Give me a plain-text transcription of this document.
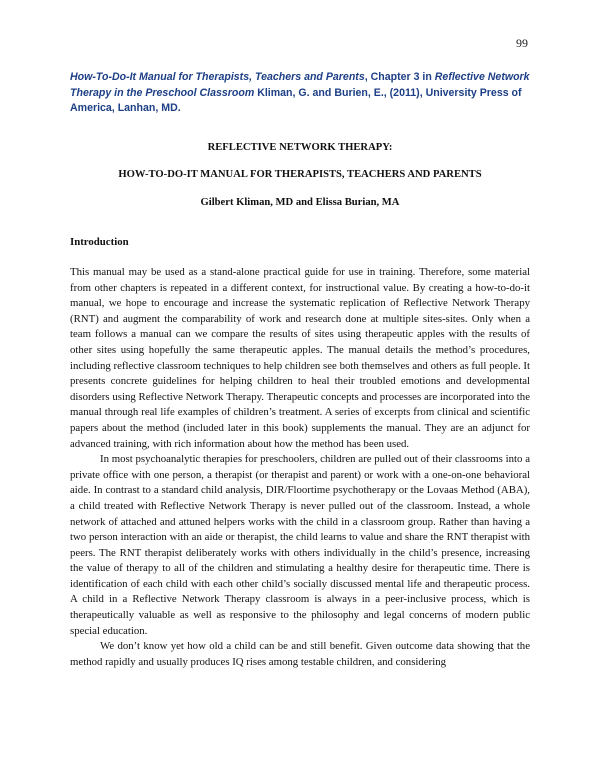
99
How-To-Do-It Manual for Therapists, Teachers and Parents, Chapter 3 in Reflective Network Therapy in the Preschool Classroom Kliman, G. and Burien, E., (2011), University Press of America, Lanhan, MD.
REFLECTIVE NETWORK THERAPY:
HOW-TO-DO-IT MANUAL FOR THERAPISTS, TEACHERS AND PARENTS
Gilbert Kliman, MD and Elissa Burian, MA
Introduction

This manual may be used as a stand-alone practical guide for use in training. Therefore, some material from other chapters is repeated in a different context, for instructional value. By creating a how-to-do-it manual, we hope to encourage and increase the systematic replication of Reflective Network Therapy (RNT) and augment the comparability of work and research done at multiple sites-sites. Only when a team follows a manual can we compare the results of sites using therapeutic apples with the results of other sites using hopefully the same therapeutic apples. The manual details the method’s procedures, including reflective classroom techniques to help children see both themselves and others as full people. It presents concrete guidelines for helping children to heal their troubled emotions and developmental disorders using Reflective Network Therapy. Therapeutic concepts and processes are incorporated into the manual through real life examples of children’s treatment. A series of excerpts from clinical and scientific papers about the method (included later in this book) supplements the manual. They are an adjunct for advanced training, with rich information about how the method has been used.

In most psychoanalytic therapies for preschoolers, children are pulled out of their classrooms into a private office with one person, a therapist (or therapist and parent) or work with a one-on-one behavioral aide. In contrast to a standard child analysis, DIR/Floortime psychotherapy or the Lovaas Method (ABA), a child treated with Reflective Network Therapy is never pulled out of the classroom. Instead, a whole network of attached and attuned helpers works with the child in a classroom group. Rather than having a two person interaction with an aide or therapist, the child learns to value and share the RNT therapist with peers. The RNT therapist deliberately works with others individually in the child’s presence, increasing the value of therapy to all of the children and stimulating a healthy desire for therapeutic time. There is identification of each child with each other child’s socially discussed mental life and therapeutic process. A child in a Reflective Network Therapy classroom is always in a peer-inclusive process, which is therapeutically valuable as well as responsive to the philosophy and legal concerns of modern public special education.

We don’t know yet how old a child can be and still benefit. Given outcome data showing that the method rapidly and usually produces IQ rises among testable children, and considering
